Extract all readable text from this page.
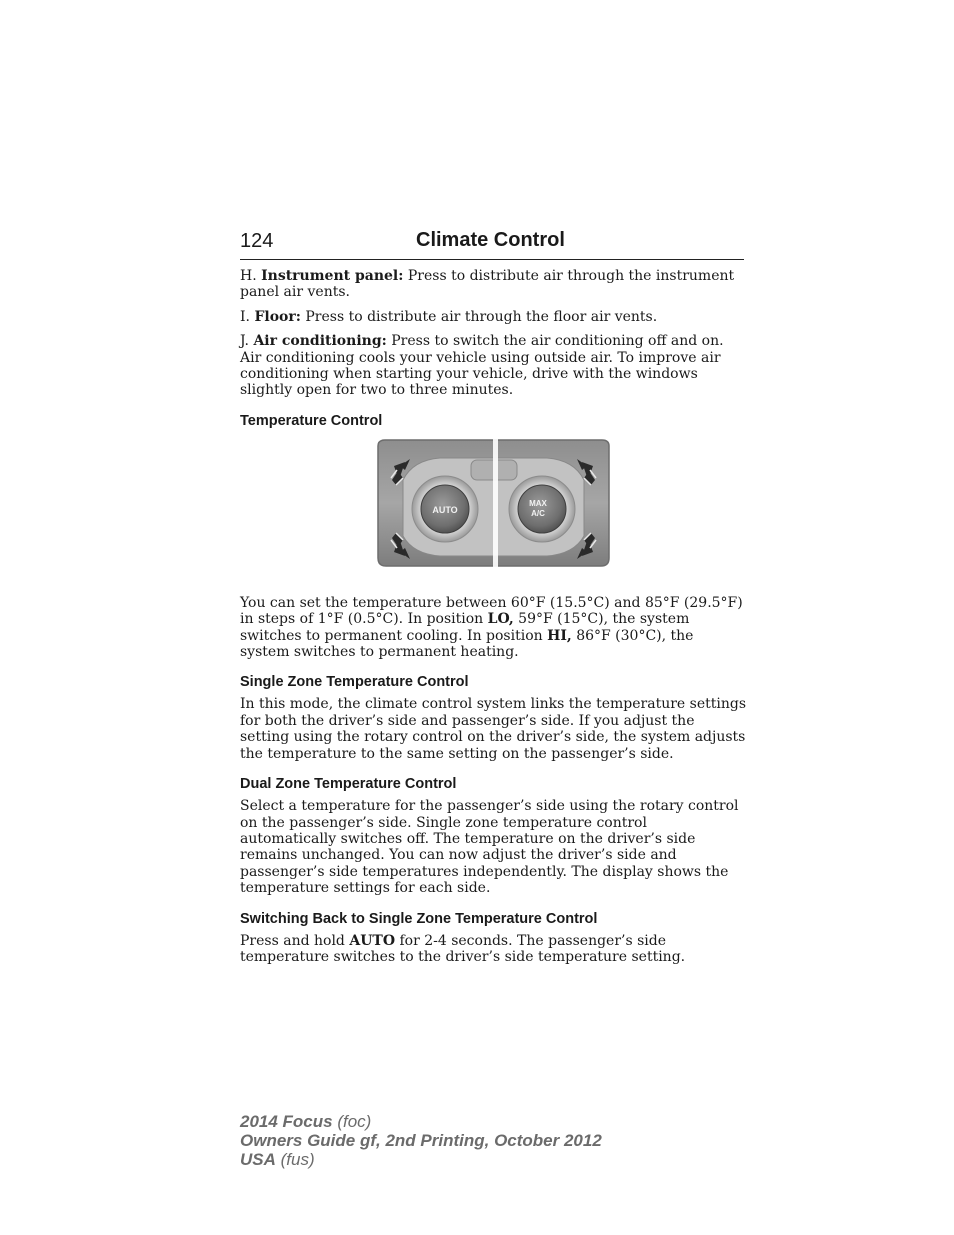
124	Climate Control

H. Instrument panel: Press to distribute air through the instrument panel air vents.

I. Floor: Press to distribute air through the floor air vents.

J. Air conditioning: Press to switch the air conditioning off and on. Air conditioning cools your vehicle using outside air. To improve air conditioning when starting your vehicle, drive with the windows slightly open for two to three minutes.

Temperature Control
AUTO
MAX
A/C

You can set the temperature between 60°F (15.5°C) and 85°F (29.5°F) in steps of 1°F (0.5°C). In position LO, 59°F (15°C), the system switches to permanent cooling. In position HI, 86°F (30°C), the system switches to permanent heating.

Single Zone Temperature Control

In this mode, the climate control system links the temperature settings for both the driver’s side and passenger’s side. If you adjust the setting using the rotary control on the driver’s side, the system adjusts the temperature to the same setting on the passenger’s side.

Dual Zone Temperature Control

Select a temperature for the passenger’s side using the rotary control on the passenger’s side. Single zone temperature control automatically switches off. The temperature on the driver’s side remains unchanged. You can now adjust the driver’s side and passenger’s side temperatures independently. The display shows the temperature settings for each side.

Switching Back to Single Zone Temperature Control

Press and hold AUTO for 2-4 seconds. The passenger’s side temperature switches to the driver’s side temperature setting.

2014 Focus (foc)
Owners Guide gf, 2nd Printing, October 2012
USA (fus)
